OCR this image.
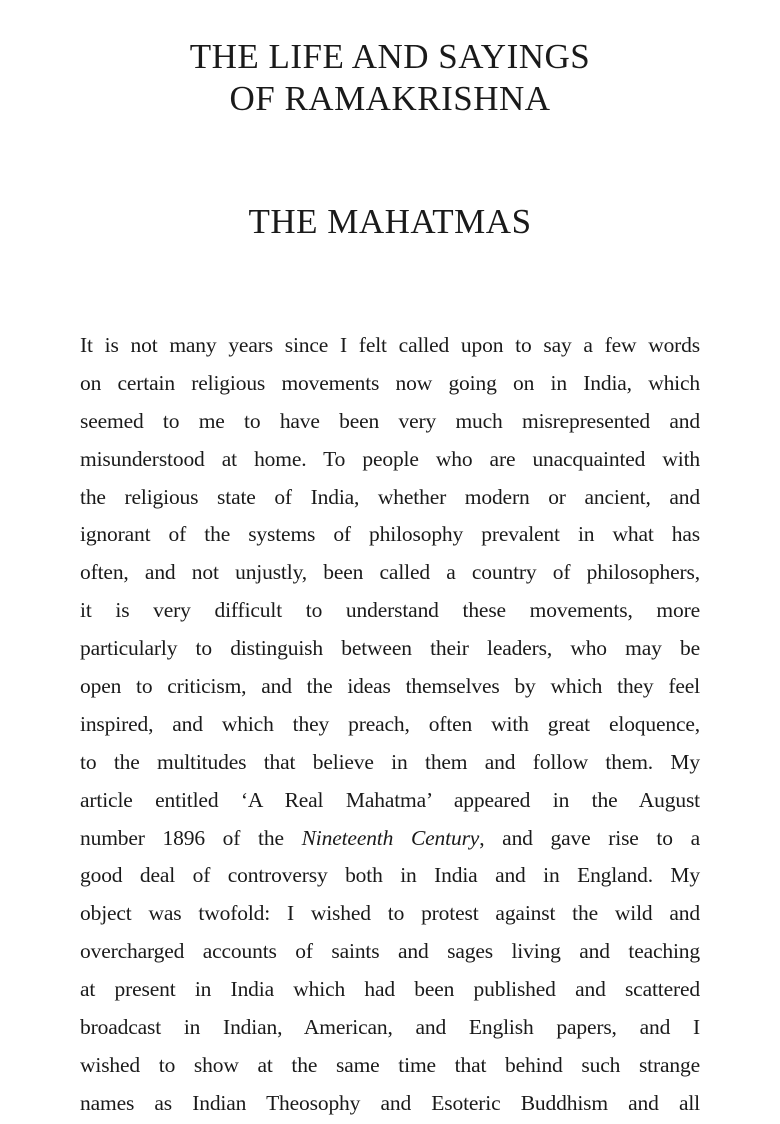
THE LIFE AND SAYINGS
OF RAMAKRISHNA
THE MAHATMAS
It is not many years since I felt called upon to say a few words
on certain religious movements now going on in India, which
seemed to me to have been very much misrepresented and
misunderstood at home. To people who are unacquainted with
the religious state of India, whether modern or ancient, and
ignorant of the systems of philosophy prevalent in what has
often, and not unjustly, been called a country of philosophers,
it is very difficult to understand these movements, more
particularly to distinguish between their leaders, who may be
open to criticism, and the ideas themselves by which they feel
inspired, and which they preach, often with great eloquence,
to the multitudes that believe in them and follow them. My
article entitled ‘A Real Mahatma’ appeared in the August
number 1896 of the Nineteenth Century, and gave rise to a
good deal of controversy both in India and in England. My
object was twofold: I wished to protest against the wild and
overcharged accounts of saints and sages living and teaching
at present in India which had been published and scattered
broadcast in Indian, American, and English papers, and I
wished to show at the same time that behind such strange
names as Indian Theosophy and Esoteric Buddhism and all
